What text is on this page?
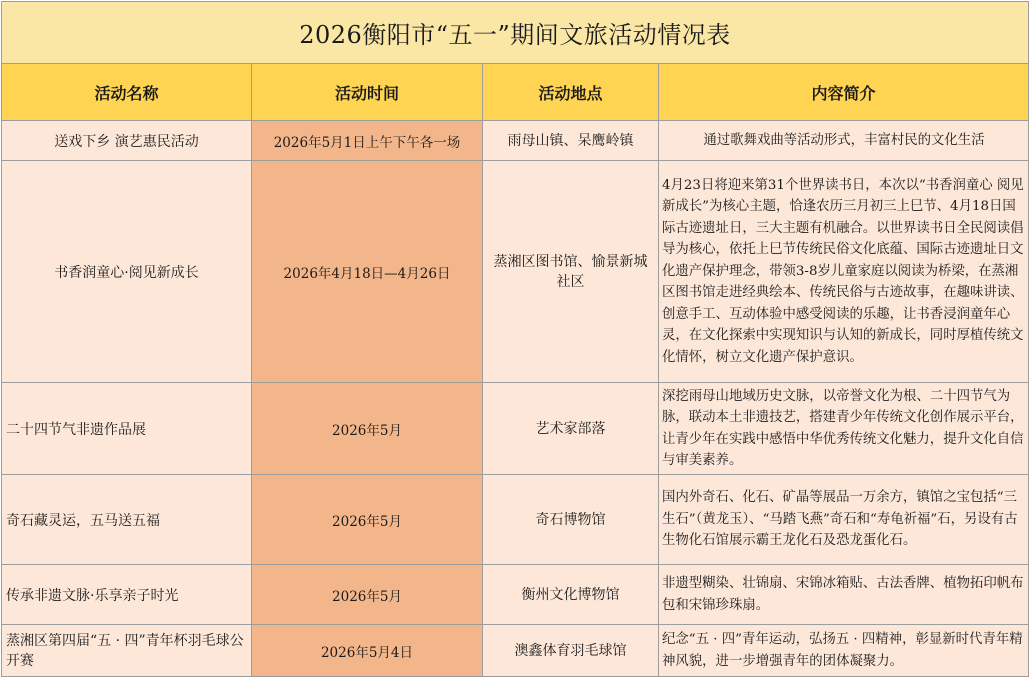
2026衡阳市“五一”期间文旅活动情况表			
活动名称	活动时间	活动地点	内容简介
送戏下乡 演艺惠民活动	2026年5月1日上午下午各一场	雨母山镇、呆鹰岭镇	通过歌舞戏曲等活动形式，丰富村民的文化生活
书香润童心·阅见新成长	2026年4月18日—4月26日	蒸湘区图书馆、愉景新城社区	4月23日将迎来第31个世界读书日，本次以“书香润童心 阅见新成长”为核心主题，恰逢农历三月初三上巳节、4月18日国际古迹遗址日，三大主题有机融合。以世界读书日全民阅读倡导为核心，依托上巳节传统民俗文化底蕴、国际古迹遗址日文化遗产保护理念，带领3-8岁儿童家庭以阅读为桥梁，在蒸湘区图书馆走进经典绘本、传统民俗与古迹故事，在趣味讲读、创意手工、互动体验中感受阅读的乐趣，让书香浸润童年心灵，在文化探索中实现知识与认知的新成长，同时厚植传统文化情怀，树立文化遗产保护意识。
二十四节气非遗作品展	2026年5月	艺术家部落	深挖雨母山地域历史文脉，以帝誉文化为根、二十四节气为脉，联动本土非遗技艺，搭建青少年传统文化创作展示平台，让青少年在实践中感悟中华优秀传统文化魅力，提升文化自信与审美素养。
奇石藏灵运，五马送五福	2026年5月	奇石博物馆	国内外奇石、化石、矿晶等展品一万余方，镇馆之宝包括“三生石”（黄龙玉）、“马踏飞燕”奇石和“寿龟祈福”石，另设有古生物化石馆展示霸王龙化石及恐龙蛋化石。
传承非遗文脉·乐享亲子时光	2026年5月	衡州文化博物馆	非遗型糊染、壮锦扇、宋锦冰箱贴、古法香牌、植物拓印帆布包和宋锦珍珠扇。
蒸湘区第四届“五 · 四”青年杯羽毛球公开赛	2026年5月4日	澳鑫体育羽毛球馆	纪念“五 · 四”青年运动，弘扬五 · 四精神，彰显新时代青年精神风貌，进一步增强青年的团体凝聚力。
